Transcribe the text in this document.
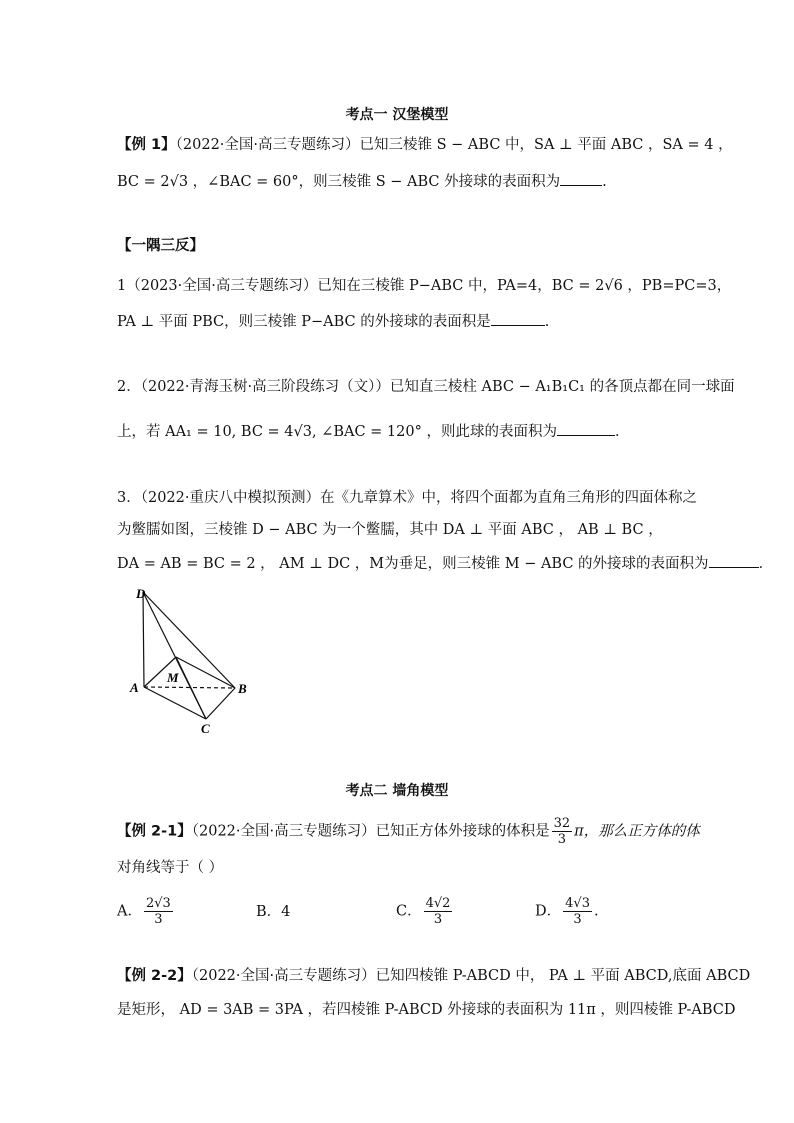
考点一 汉堡模型
【例 1】（2022·全国·高三专题练习）已知三棱锥 S − ABC 中，SA ⊥ 平面 ABC ，SA = 4 ，
BC = 2√3 ，∠BAC = 60°，则三棱锥 S − ABC 外接球的表面积为	.
【一隅三反】
1（2023·全国·高三专题练习）已知在三棱锥 P−ABC 中，PA=4，BC = 2√6 ，PB=PC=3，
PA ⊥ 平面 PBC，则三棱锥 P−ABC 的外接球的表面积是	.
2．（2022·青海玉树·高三阶段练习（文））已知直三棱柱 ABC − A₁B₁C₁ 的各顶点都在同一球面
上，若 AA₁ = 10, BC = 4√3, ∠BAC = 120° ，则此球的表面积为	．
3．（2022·重庆八中模拟预测）在《九章算术》中，将四个面都为直角三角形的四面体称之
为鳖臑如图，三棱锥 D − ABC 为一个鳖臑，其中 DA ⊥ 平面 ABC ， AB ⊥ BC ，
DA = AB = BC = 2 ， AM ⊥ DC ，M为垂足，则三棱锥 M − ABC 的外接球的表面积为	．
D
A	B
C
M
考点二 墙角模型
【例 2-1】（2022·全国·高三专题练习）已知正方体外接球的体积是 $\frac{32}{3}$ π，那么正方体的体
对角线等于（ ）
A． $\frac{2√3}{3}$	B．4	C． $\frac{4√2}{3}$	D． $\frac{4√3}{3}$ .
【例 2-2】（2022·全国·高三专题练习）已知四棱锥 P-ABCD 中， PA ⊥ 平面 ABCD,底面 ABCD
是矩形， AD = 3AB = 3PA ，若四棱锥 P-ABCD 外接球的表面积为 11π ，则四棱锥 P-ABCD
